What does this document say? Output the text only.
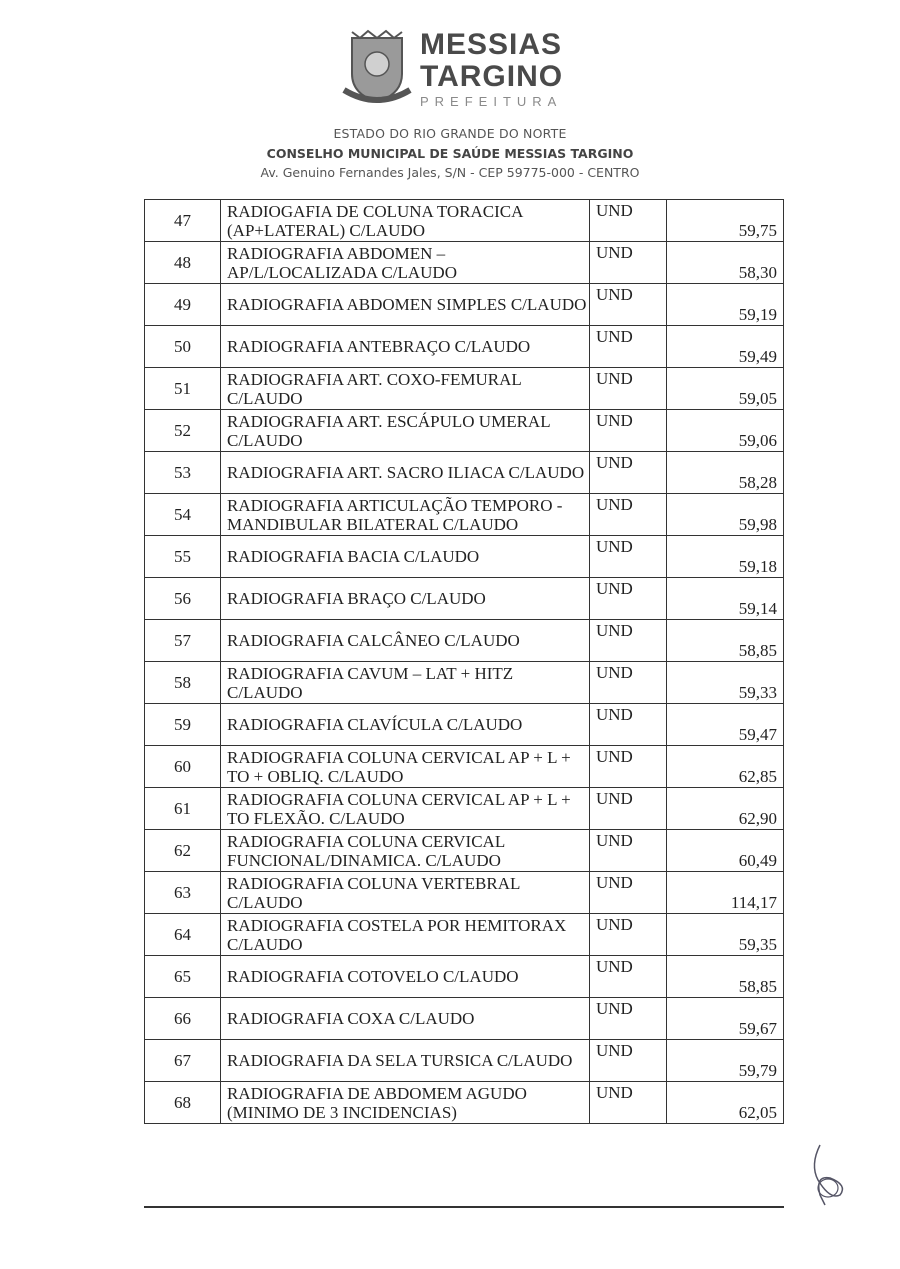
MESSIAS
TARGINO
PREFEITURA
ESTADO DO RIO GRANDE DO NORTE
CONSELHO MUNICIPAL DE SAÚDE MESSIAS TARGINO
Av. Genuino Fernandes Jales, S/N - CEP 59775-000 - CENTRO
47	RADIOGAFIA DE COLUNA TORACICA (AP+LATERAL) C/LAUDO	UND	59,75
48	RADIOGRAFIA ABDOMEN – AP/L/LOCALIZADA C/LAUDO	UND	58,30
49	RADIOGRAFIA ABDOMEN SIMPLES C/LAUDO	UND	59,19
50	RADIOGRAFIA ANTEBRAÇO C/LAUDO	UND	59,49
51	RADIOGRAFIA ART. COXO-FEMURAL C/LAUDO	UND	59,05
52	RADIOGRAFIA ART. ESCÁPULO UMERAL C/LAUDO	UND	59,06
53	RADIOGRAFIA ART. SACRO ILIACA C/LAUDO	UND	58,28
54	RADIOGRAFIA ARTICULAÇÃO TEMPORO -MANDIBULAR BILATERAL C/LAUDO	UND	59,98
55	RADIOGRAFIA BACIA C/LAUDO	UND	59,18
56	RADIOGRAFIA BRAÇO C/LAUDO	UND	59,14
57	RADIOGRAFIA CALCÂNEO C/LAUDO	UND	58,85
58	RADIOGRAFIA CAVUM – LAT + HITZ C/LAUDO	UND	59,33
59	RADIOGRAFIA CLAVÍCULA C/LAUDO	UND	59,47
60	RADIOGRAFIA COLUNA CERVICAL AP + L + TO + OBLIQ. C/LAUDO	UND	62,85
61	RADIOGRAFIA COLUNA CERVICAL AP + L + TO FLEXÃO. C/LAUDO	UND	62,90
62	RADIOGRAFIA COLUNA CERVICAL FUNCIONAL/DINAMICA. C/LAUDO	UND	60,49
63	RADIOGRAFIA COLUNA VERTEBRAL C/LAUDO	UND	114,17
64	RADIOGRAFIA COSTELA POR HEMITORAX C/LAUDO	UND	59,35
65	RADIOGRAFIA COTOVELO C/LAUDO	UND	58,85
66	RADIOGRAFIA COXA C/LAUDO	UND	59,67
67	RADIOGRAFIA DA SELA TURSICA C/LAUDO	UND	59,79
68	RADIOGRAFIA DE ABDOMEM AGUDO (MINIMO DE 3 INCIDENCIAS)	UND	62,05
